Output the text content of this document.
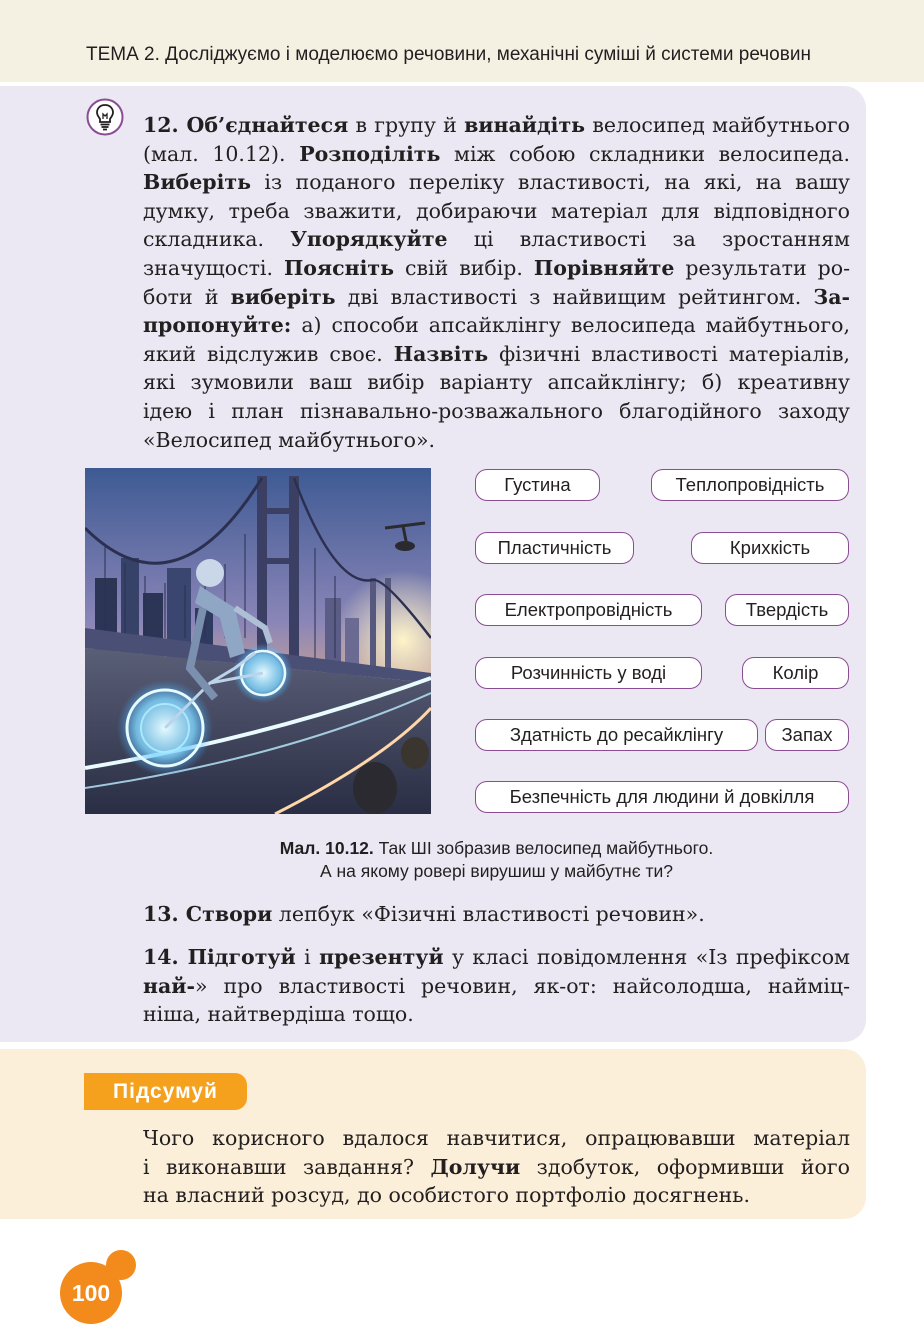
ТЕМА 2. Досліджуємо і моделюємо речовини, механічні суміші й системи речовин
12. Об’єднайтеся в групу й винайдіть велосипед майбутнього
(мал. 10.12). Розподіліть між собою складники велосипеда.
Виберіть із поданого переліку властивості, на які, на вашу
думку, треба зважити, добираючи матеріал для відповідного
складника. Упорядкуйте ці властивості за зростанням
значущості. Поясніть свій вибір. Порівняйте результати ро-
боти й виберіть дві властивості з найвищим рейтингом. За-
пропонуйте: а) способи апсайклінгу велосипеда майбутнього,
який відслужив своє. Назвіть фізичні властивості матеріалів,
які зумовили ваш вибір варіанту апсайклінгу; б) креативну
ідею і план пізнавально-розважального благодійного заходу
«Велосипед майбутнього».
Густина	Теплопровідність
Пластичність	Крихкість
Електропровідність	Твердість
Розчинність у воді	Колір
Здатність до ресайклінгу	Запах
Безпечність для людини й довкілля
Мал. 10.12. Так ШІ зобразив велосипед майбутнього.
А на якому ровері вирушиш у майбутнє ти?
13. Створи лепбук «Фізичні властивості речовин».
14. Підготуй і презентуй у класі повідомлення «Із префіксом
най-» про властивості речовин, як-от: найсолодша, найміц-
ніша, найтвердіша тощо.
Підсумуй
Чого корисного вдалося навчитися, опрацювавши матеріал
і виконавши завдання? Долучи здобуток, оформивши його
на власний розсуд, до особистого портфоліо досягнень.
100
